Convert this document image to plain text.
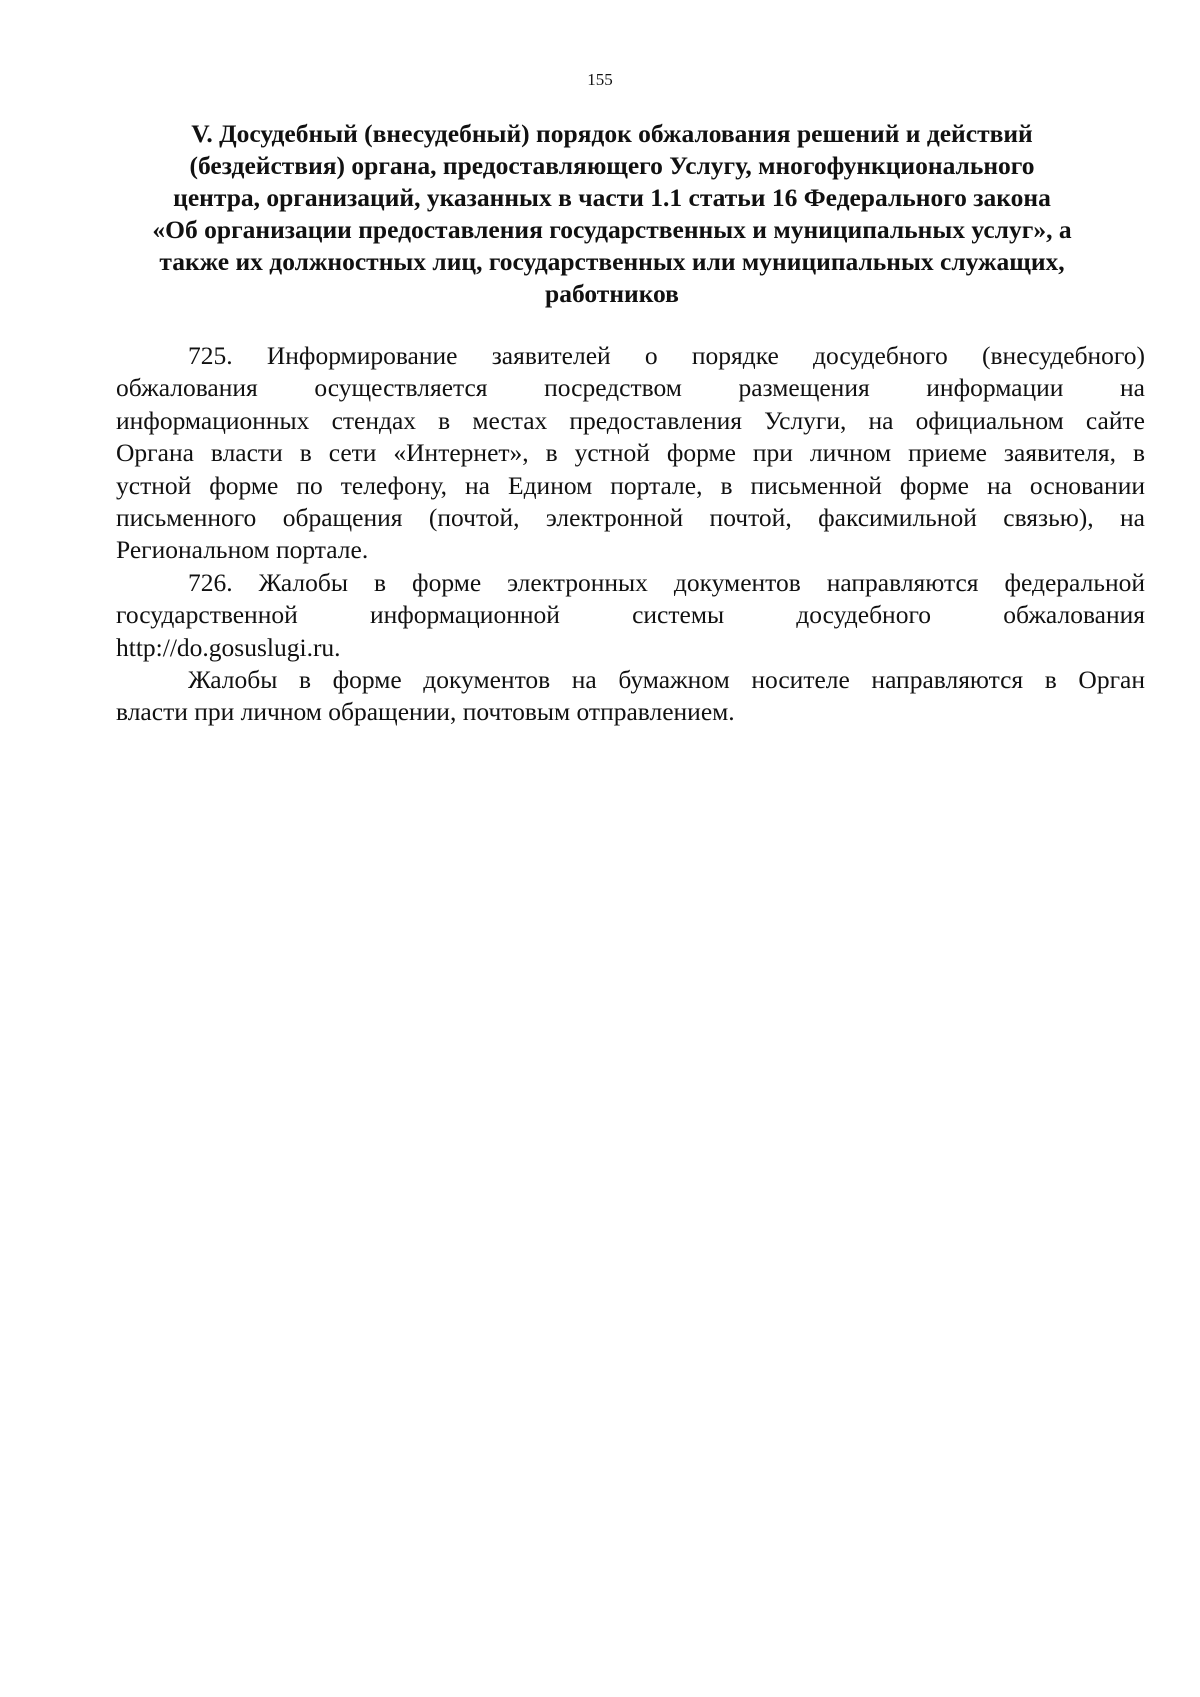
155
V. Досудебный (внесудебный) порядок обжалования решений и действий
(бездействия) органа, предоставляющего Услугу, многофункционального
центра, организаций, указанных в части 1.1 статьи 16 Федерального закона
«Об организации предоставления государственных и муниципальных услуг», а
также их должностных лиц, государственных или муниципальных служащих,
работников

725. Информирование заявителей о порядке досудебного (внесудебного)
обжалования осуществляется посредством размещения информации на
информационных стендах в местах предоставления Услуги, на официальном сайте
Органа власти в сети «Интернет», в устной форме при личном приеме заявителя, в
устной форме по телефону, на Едином портале, в письменной форме на основании
письменного обращения (почтой, электронной почтой, факсимильной связью), на
Региональном портале.

726. Жалобы в форме электронных документов направляются федеральной
государственной информационной системы досудебного обжалования
http://do.gosuslugi.ru.

Жалобы в форме документов на бумажном носителе направляются в Орган
власти при личном обращении, почтовым отправлением.
